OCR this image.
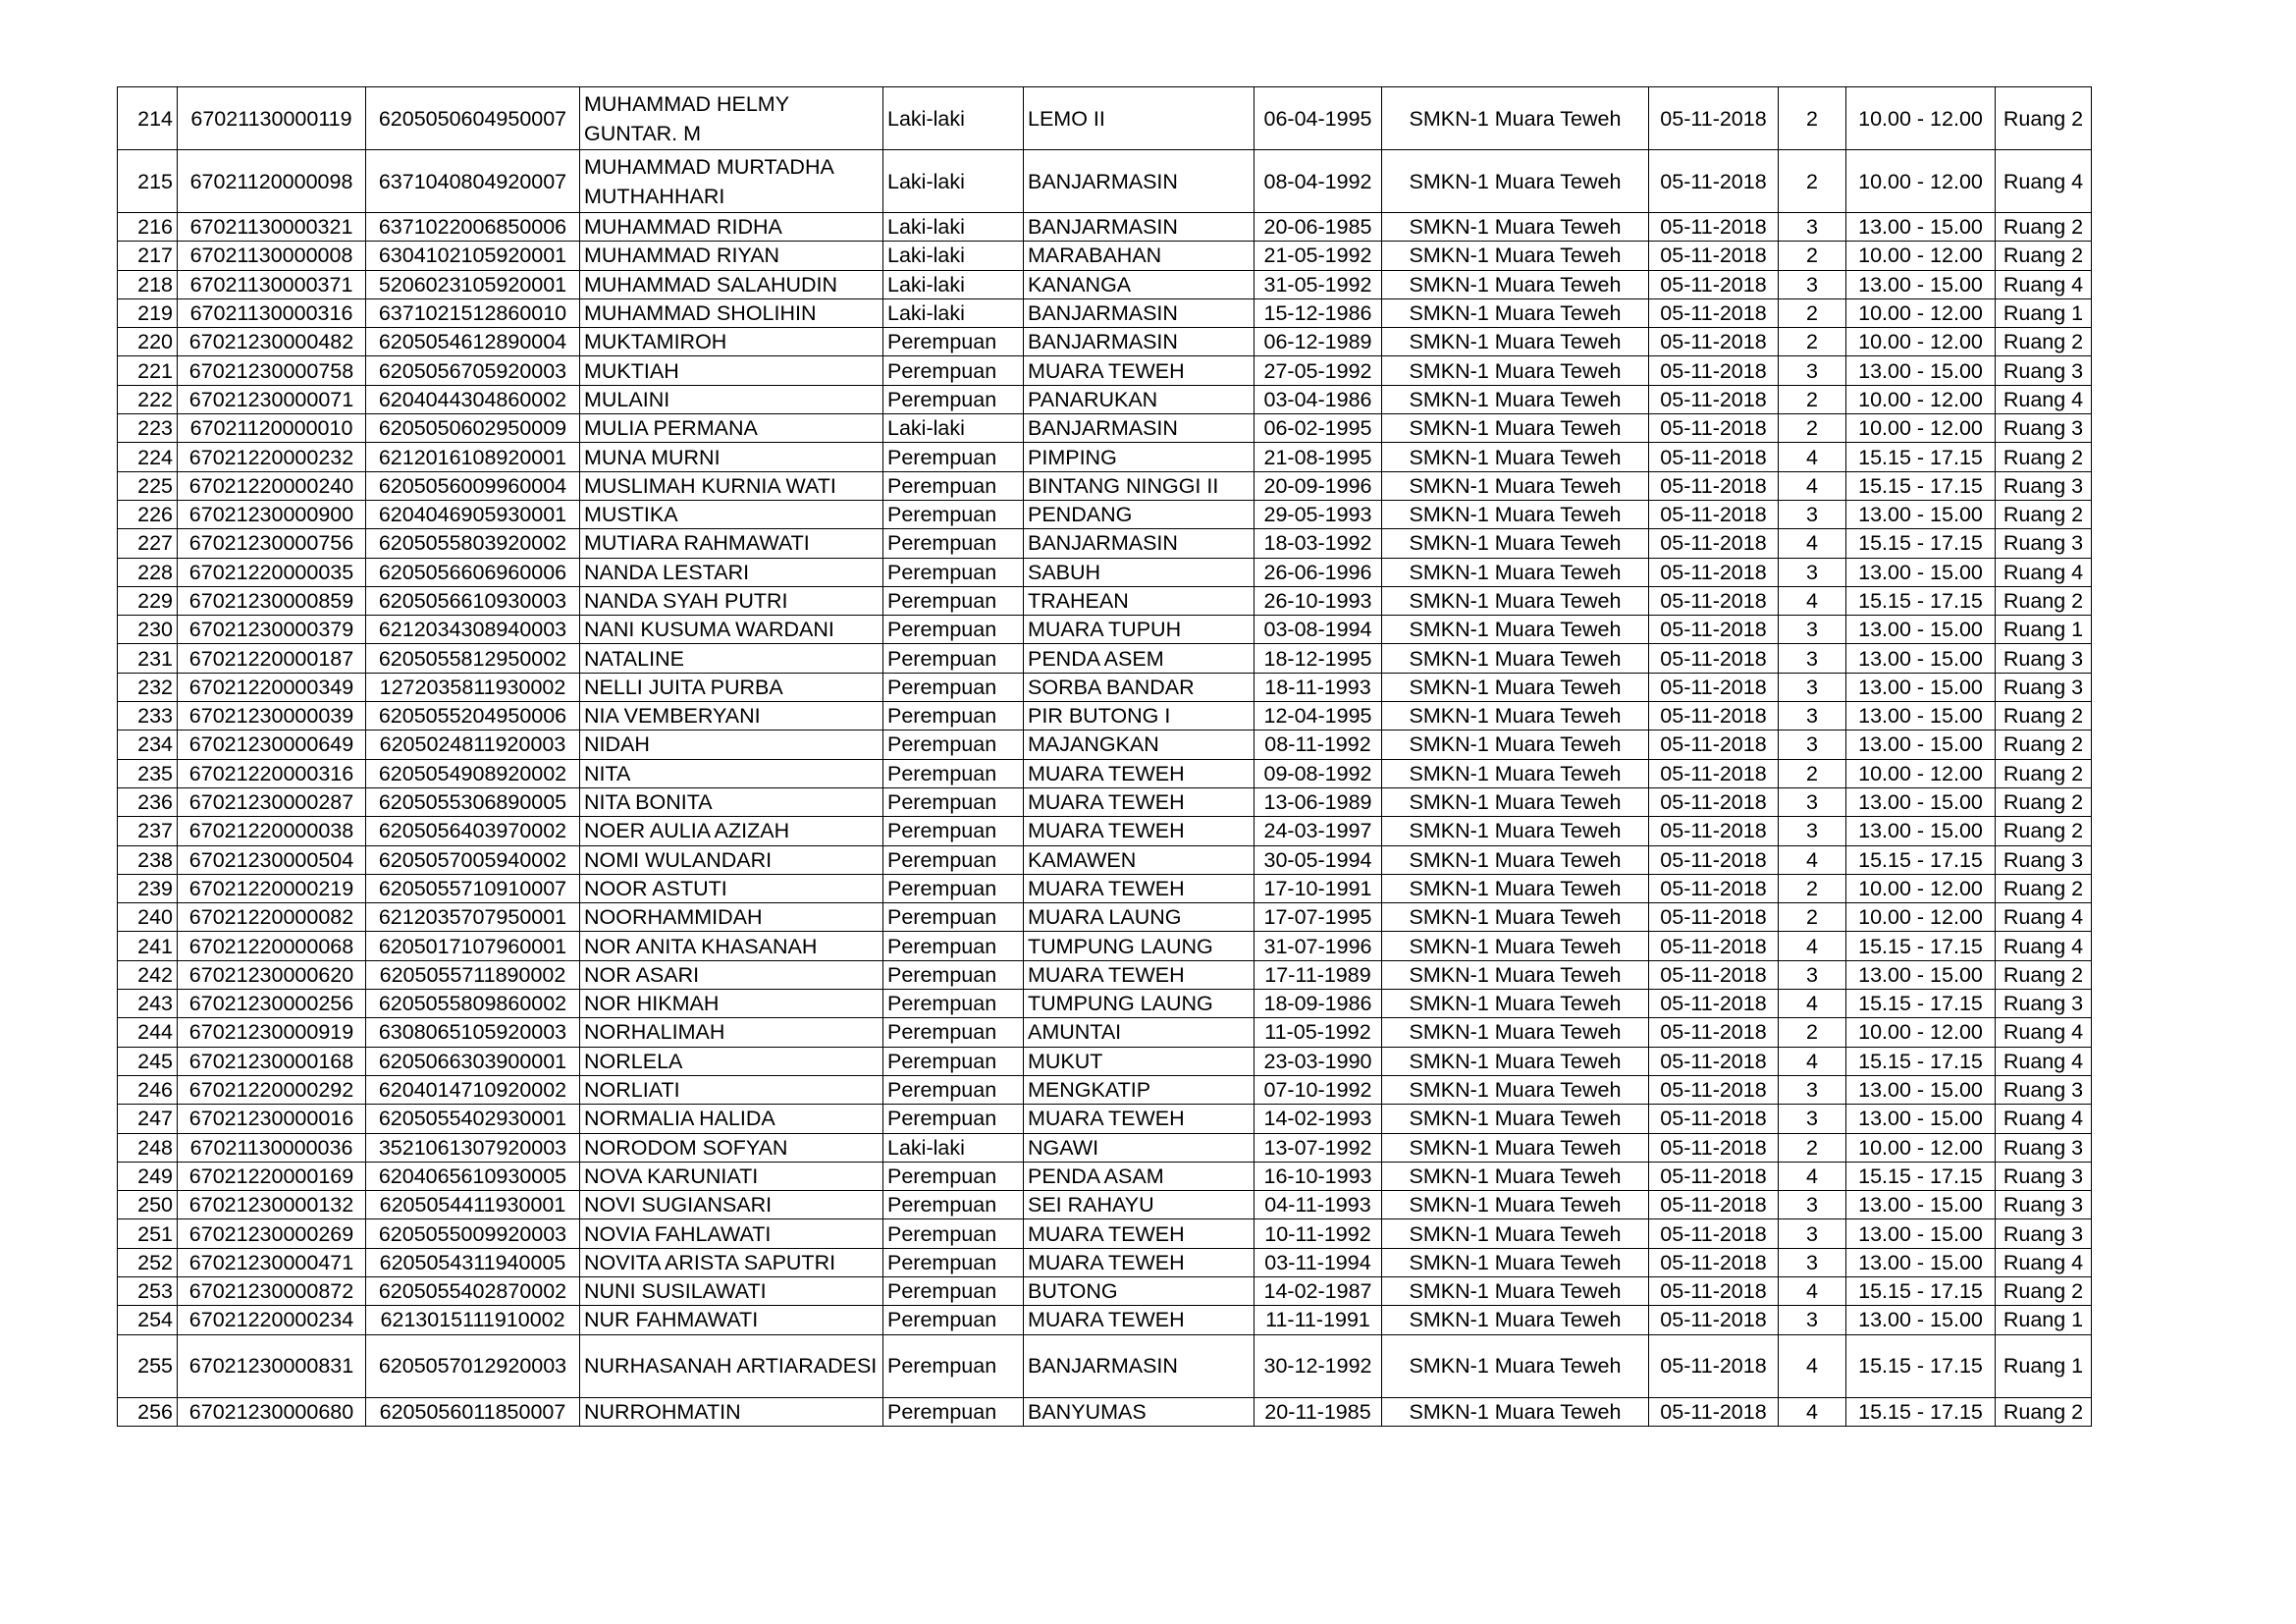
214	67021130000119	6205050604950007	MUHAMMAD HELMY GUNTAR. M	Laki-laki	LEMO II	06-04-1995	SMKN-1 Muara Teweh	05-11-2018	2	10.00 - 12.00	Ruang 2
215	67021120000098	6371040804920007	MUHAMMAD MURTADHA MUTHAHHARI	Laki-laki	BANJARMASIN	08-04-1992	SMKN-1 Muara Teweh	05-11-2018	2	10.00 - 12.00	Ruang 4
216	67021130000321	6371022006850006	MUHAMMAD RIDHA	Laki-laki	BANJARMASIN	20-06-1985	SMKN-1 Muara Teweh	05-11-2018	3	13.00 - 15.00	Ruang 2
217	67021130000008	6304102105920001	MUHAMMAD RIYAN	Laki-laki	MARABAHAN	21-05-1992	SMKN-1 Muara Teweh	05-11-2018	2	10.00 - 12.00	Ruang 2
218	67021130000371	5206023105920001	MUHAMMAD SALAHUDIN	Laki-laki	KANANGA	31-05-1992	SMKN-1 Muara Teweh	05-11-2018	3	13.00 - 15.00	Ruang 4
219	67021130000316	6371021512860010	MUHAMMAD SHOLIHIN	Laki-laki	BANJARMASIN	15-12-1986	SMKN-1 Muara Teweh	05-11-2018	2	10.00 - 12.00	Ruang 1
220	67021230000482	6205054612890004	MUKTAMIROH	Perempuan	BANJARMASIN	06-12-1989	SMKN-1 Muara Teweh	05-11-2018	2	10.00 - 12.00	Ruang 2
221	67021230000758	6205056705920003	MUKTIAH	Perempuan	MUARA TEWEH	27-05-1992	SMKN-1 Muara Teweh	05-11-2018	3	13.00 - 15.00	Ruang 3
222	67021230000071	6204044304860002	MULAINI	Perempuan	PANARUKAN	03-04-1986	SMKN-1 Muara Teweh	05-11-2018	2	10.00 - 12.00	Ruang 4
223	67021120000010	6205050602950009	MULIA PERMANA	Laki-laki	BANJARMASIN	06-02-1995	SMKN-1 Muara Teweh	05-11-2018	2	10.00 - 12.00	Ruang 3
224	67021220000232	6212016108920001	MUNA MURNI	Perempuan	PIMPING	21-08-1995	SMKN-1 Muara Teweh	05-11-2018	4	15.15 - 17.15	Ruang 2
225	67021220000240	6205056009960004	MUSLIMAH KURNIA WATI	Perempuan	BINTANG NINGGI II	20-09-1996	SMKN-1 Muara Teweh	05-11-2018	4	15.15 - 17.15	Ruang 3
226	67021230000900	6204046905930001	MUSTIKA	Perempuan	PENDANG	29-05-1993	SMKN-1 Muara Teweh	05-11-2018	3	13.00 - 15.00	Ruang 2
227	67021230000756	6205055803920002	MUTIARA RAHMAWATI	Perempuan	BANJARMASIN	18-03-1992	SMKN-1 Muara Teweh	05-11-2018	4	15.15 - 17.15	Ruang 3
228	67021220000035	6205056606960006	NANDA LESTARI	Perempuan	SABUH	26-06-1996	SMKN-1 Muara Teweh	05-11-2018	3	13.00 - 15.00	Ruang 4
229	67021230000859	6205056610930003	NANDA SYAH PUTRI	Perempuan	TRAHEAN	26-10-1993	SMKN-1 Muara Teweh	05-11-2018	4	15.15 - 17.15	Ruang 2
230	67021230000379	6212034308940003	NANI KUSUMA WARDANI	Perempuan	MUARA TUPUH	03-08-1994	SMKN-1 Muara Teweh	05-11-2018	3	13.00 - 15.00	Ruang 1
231	67021220000187	6205055812950002	NATALINE	Perempuan	PENDA ASEM	18-12-1995	SMKN-1 Muara Teweh	05-11-2018	3	13.00 - 15.00	Ruang 3
232	67021220000349	1272035811930002	NELLI JUITA PURBA	Perempuan	SORBA BANDAR	18-11-1993	SMKN-1 Muara Teweh	05-11-2018	3	13.00 - 15.00	Ruang 3
233	67021230000039	6205055204950006	NIA VEMBERYANI	Perempuan	PIR BUTONG I	12-04-1995	SMKN-1 Muara Teweh	05-11-2018	3	13.00 - 15.00	Ruang 2
234	67021230000649	6205024811920003	NIDAH	Perempuan	MAJANGKAN	08-11-1992	SMKN-1 Muara Teweh	05-11-2018	3	13.00 - 15.00	Ruang 2
235	67021220000316	6205054908920002	NITA	Perempuan	MUARA TEWEH	09-08-1992	SMKN-1 Muara Teweh	05-11-2018	2	10.00 - 12.00	Ruang 2
236	67021230000287	6205055306890005	NITA BONITA	Perempuan	MUARA TEWEH	13-06-1989	SMKN-1 Muara Teweh	05-11-2018	3	13.00 - 15.00	Ruang 2
237	67021220000038	6205056403970002	NOER AULIA AZIZAH	Perempuan	MUARA TEWEH	24-03-1997	SMKN-1 Muara Teweh	05-11-2018	3	13.00 - 15.00	Ruang 2
238	67021230000504	6205057005940002	NOMI WULANDARI	Perempuan	KAMAWEN	30-05-1994	SMKN-1 Muara Teweh	05-11-2018	4	15.15 - 17.15	Ruang 3
239	67021220000219	6205055710910007	NOOR ASTUTI	Perempuan	MUARA TEWEH	17-10-1991	SMKN-1 Muara Teweh	05-11-2018	2	10.00 - 12.00	Ruang 2
240	67021220000082	6212035707950001	NOORHAMMIDAH	Perempuan	MUARA LAUNG	17-07-1995	SMKN-1 Muara Teweh	05-11-2018	2	10.00 - 12.00	Ruang 4
241	67021220000068	6205017107960001	NOR ANITA KHASANAH	Perempuan	TUMPUNG LAUNG	31-07-1996	SMKN-1 Muara Teweh	05-11-2018	4	15.15 - 17.15	Ruang 4
242	67021230000620	6205055711890002	NOR ASARI	Perempuan	MUARA TEWEH	17-11-1989	SMKN-1 Muara Teweh	05-11-2018	3	13.00 - 15.00	Ruang 2
243	67021230000256	6205055809860002	NOR HIKMAH	Perempuan	TUMPUNG LAUNG	18-09-1986	SMKN-1 Muara Teweh	05-11-2018	4	15.15 - 17.15	Ruang 3
244	67021230000919	6308065105920003	NORHALIMAH	Perempuan	AMUNTAI	11-05-1992	SMKN-1 Muara Teweh	05-11-2018	2	10.00 - 12.00	Ruang 4
245	67021230000168	6205066303900001	NORLELA	Perempuan	MUKUT	23-03-1990	SMKN-1 Muara Teweh	05-11-2018	4	15.15 - 17.15	Ruang 4
246	67021220000292	6204014710920002	NORLIATI	Perempuan	MENGKATIP	07-10-1992	SMKN-1 Muara Teweh	05-11-2018	3	13.00 - 15.00	Ruang 3
247	67021230000016	6205055402930001	NORMALIA HALIDA	Perempuan	MUARA TEWEH	14-02-1993	SMKN-1 Muara Teweh	05-11-2018	3	13.00 - 15.00	Ruang 4
248	67021130000036	3521061307920003	NORODOM SOFYAN	Laki-laki	NGAWI	13-07-1992	SMKN-1 Muara Teweh	05-11-2018	2	10.00 - 12.00	Ruang 3
249	67021220000169	6204065610930005	NOVA KARUNIATI	Perempuan	PENDA ASAM	16-10-1993	SMKN-1 Muara Teweh	05-11-2018	4	15.15 - 17.15	Ruang 3
250	67021230000132	6205054411930001	NOVI SUGIANSARI	Perempuan	SEI RAHAYU	04-11-1993	SMKN-1 Muara Teweh	05-11-2018	3	13.00 - 15.00	Ruang 3
251	67021230000269	6205055009920003	NOVIA FAHLAWATI	Perempuan	MUARA TEWEH	10-11-1992	SMKN-1 Muara Teweh	05-11-2018	3	13.00 - 15.00	Ruang 3
252	67021230000471	6205054311940005	NOVITA ARISTA SAPUTRI	Perempuan	MUARA TEWEH	03-11-1994	SMKN-1 Muara Teweh	05-11-2018	3	13.00 - 15.00	Ruang 4
253	67021230000872	6205055402870002	NUNI SUSILAWATI	Perempuan	BUTONG	14-02-1987	SMKN-1 Muara Teweh	05-11-2018	4	15.15 - 17.15	Ruang 2
254	67021220000234	6213015111910002	NUR FAHMAWATI	Perempuan	MUARA TEWEH	11-11-1991	SMKN-1 Muara Teweh	05-11-2018	3	13.00 - 15.00	Ruang 1
255	67021230000831	6205057012920003	NURHASANAH ARTIARADESI	Perempuan	BANJARMASIN	30-12-1992	SMKN-1 Muara Teweh	05-11-2018	4	15.15 - 17.15	Ruang 1
256	67021230000680	6205056011850007	NURROHMATIN	Perempuan	BANYUMAS	20-11-1985	SMKN-1 Muara Teweh	05-11-2018	4	15.15 - 17.15	Ruang 2
